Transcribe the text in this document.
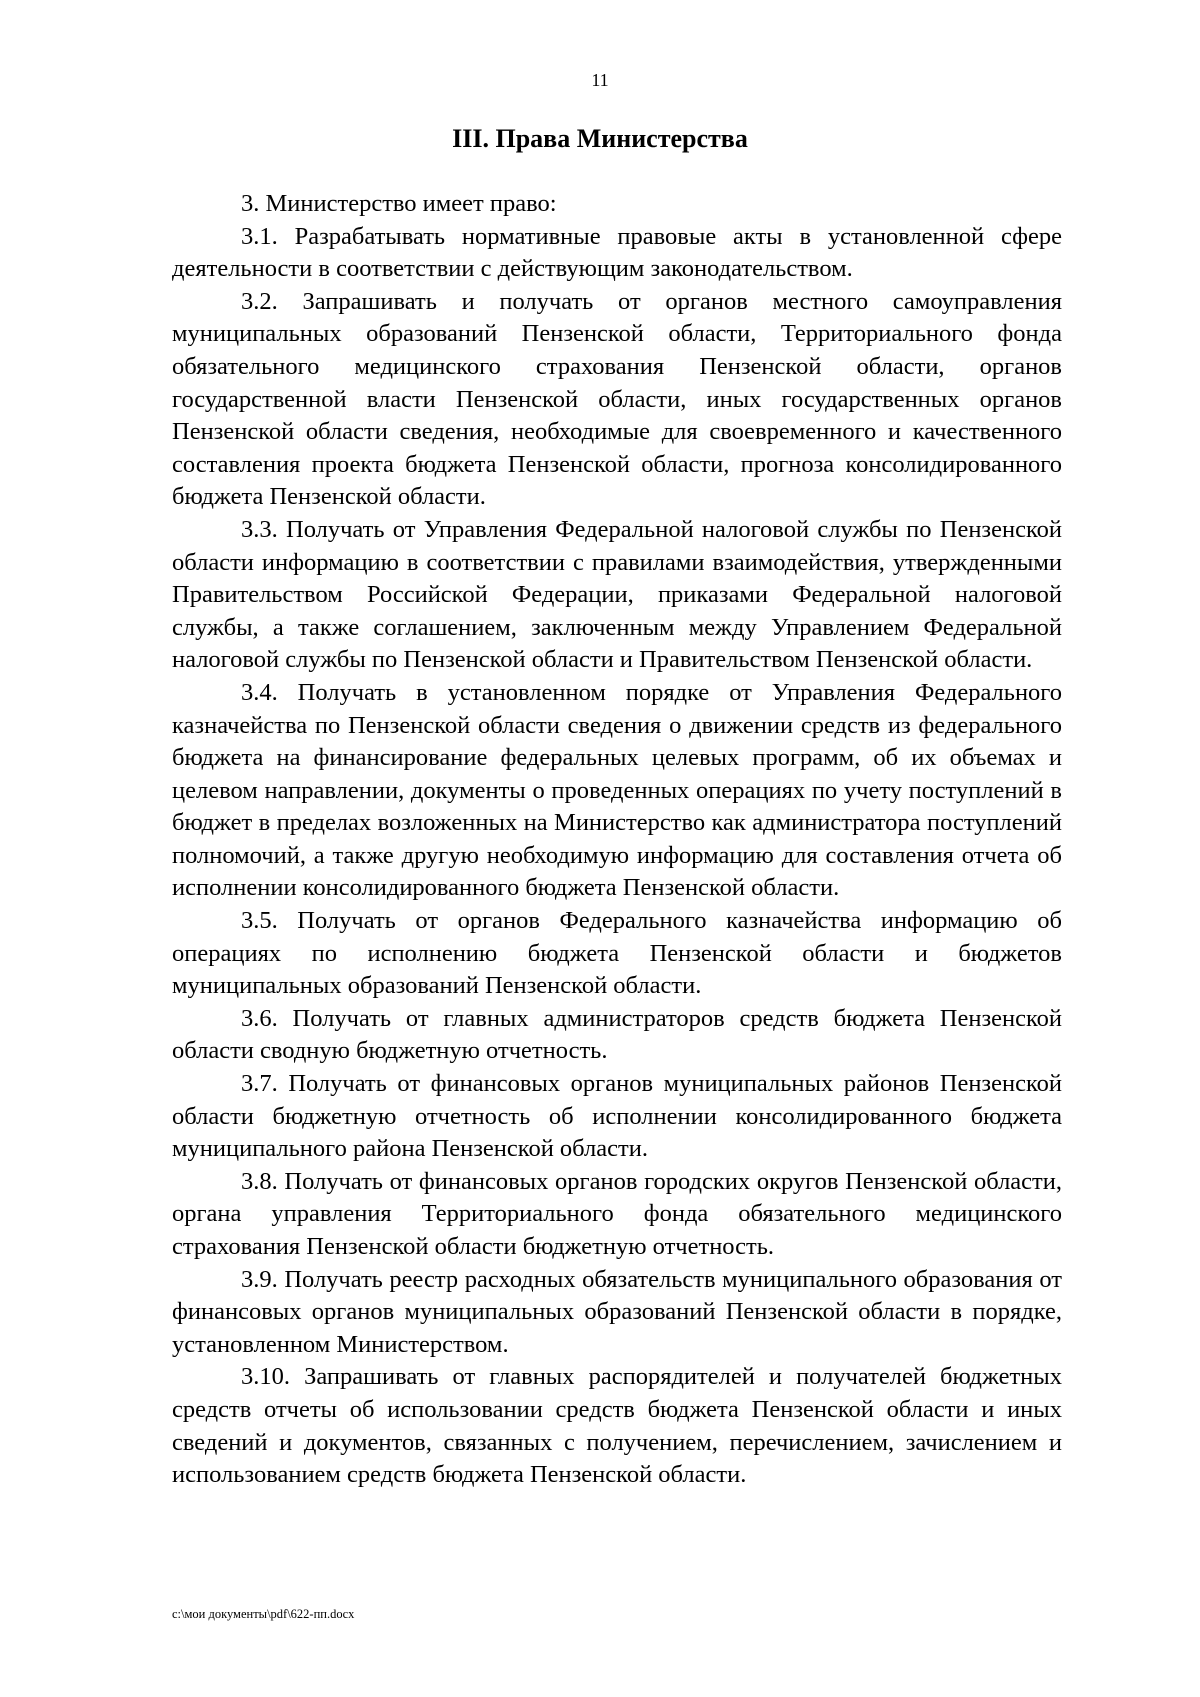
11
III. Права Министерства

3. Министерство имеет право:

3.1. Разрабатывать нормативные правовые акты в установленной сфере деятельности в соответствии с действующим законодательством.

3.2. Запрашивать и получать от органов местного самоуправления муниципальных образований Пензенской области, Территориального фонда обязательного медицинского страхования Пензенской области, органов государственной власти Пензенской области, иных государственных органов Пензенской области сведения, необходимые для своевременного и качественного составления проекта бюджета Пензенской области, прогноза консолидированного бюджета Пензенской области.

3.3. Получать от Управления Федеральной налоговой службы по Пензенской области информацию в соответствии с правилами взаимодействия, утвержденными Правительством Российской Федерации, приказами Федеральной налоговой службы, а также соглашением, заключенным между Управлением Федеральной налоговой службы по Пензенской области и Правительством Пензенской области.

3.4. Получать в установленном порядке от Управления Федерального казначейства по Пензенской области сведения о движении средств из федерального бюджета на финансирование федеральных целевых программ, об их объемах и целевом направлении, документы о проведенных операциях по учету поступлений в бюджет в пределах возложенных на Министерство как администратора поступлений полномочий, а также другую необходимую информацию для составления отчета об исполнении консолидированного бюджета Пензенской области.

3.5. Получать от органов Федерального казначейства информацию об операциях по исполнению бюджета Пензенской области и бюджетов муниципальных образований Пензенской области.

3.6. Получать от главных администраторов средств бюджета Пензенской области сводную бюджетную отчетность.

3.7. Получать от финансовых органов муниципальных районов Пензенской области бюджетную отчетность об исполнении консолидированного бюджета муниципального района Пензенской области.

3.8. Получать от финансовых органов городских округов Пензенской области, органа управления Территориального фонда обязательного медицинского страхования Пензенской области бюджетную отчетность.

3.9. Получать реестр расходных обязательств муниципального образования от финансовых органов муниципальных образований Пензенской области в порядке, установленном Министерством.

3.10. Запрашивать от главных распорядителей и получателей бюджетных средств отчеты об использовании средств бюджета Пензенской области и иных сведений и документов, связанных с получением, перечислением, зачислением и использованием средств бюджета Пензенской области.

c:\мои документы\pdf\622-пп.docx
